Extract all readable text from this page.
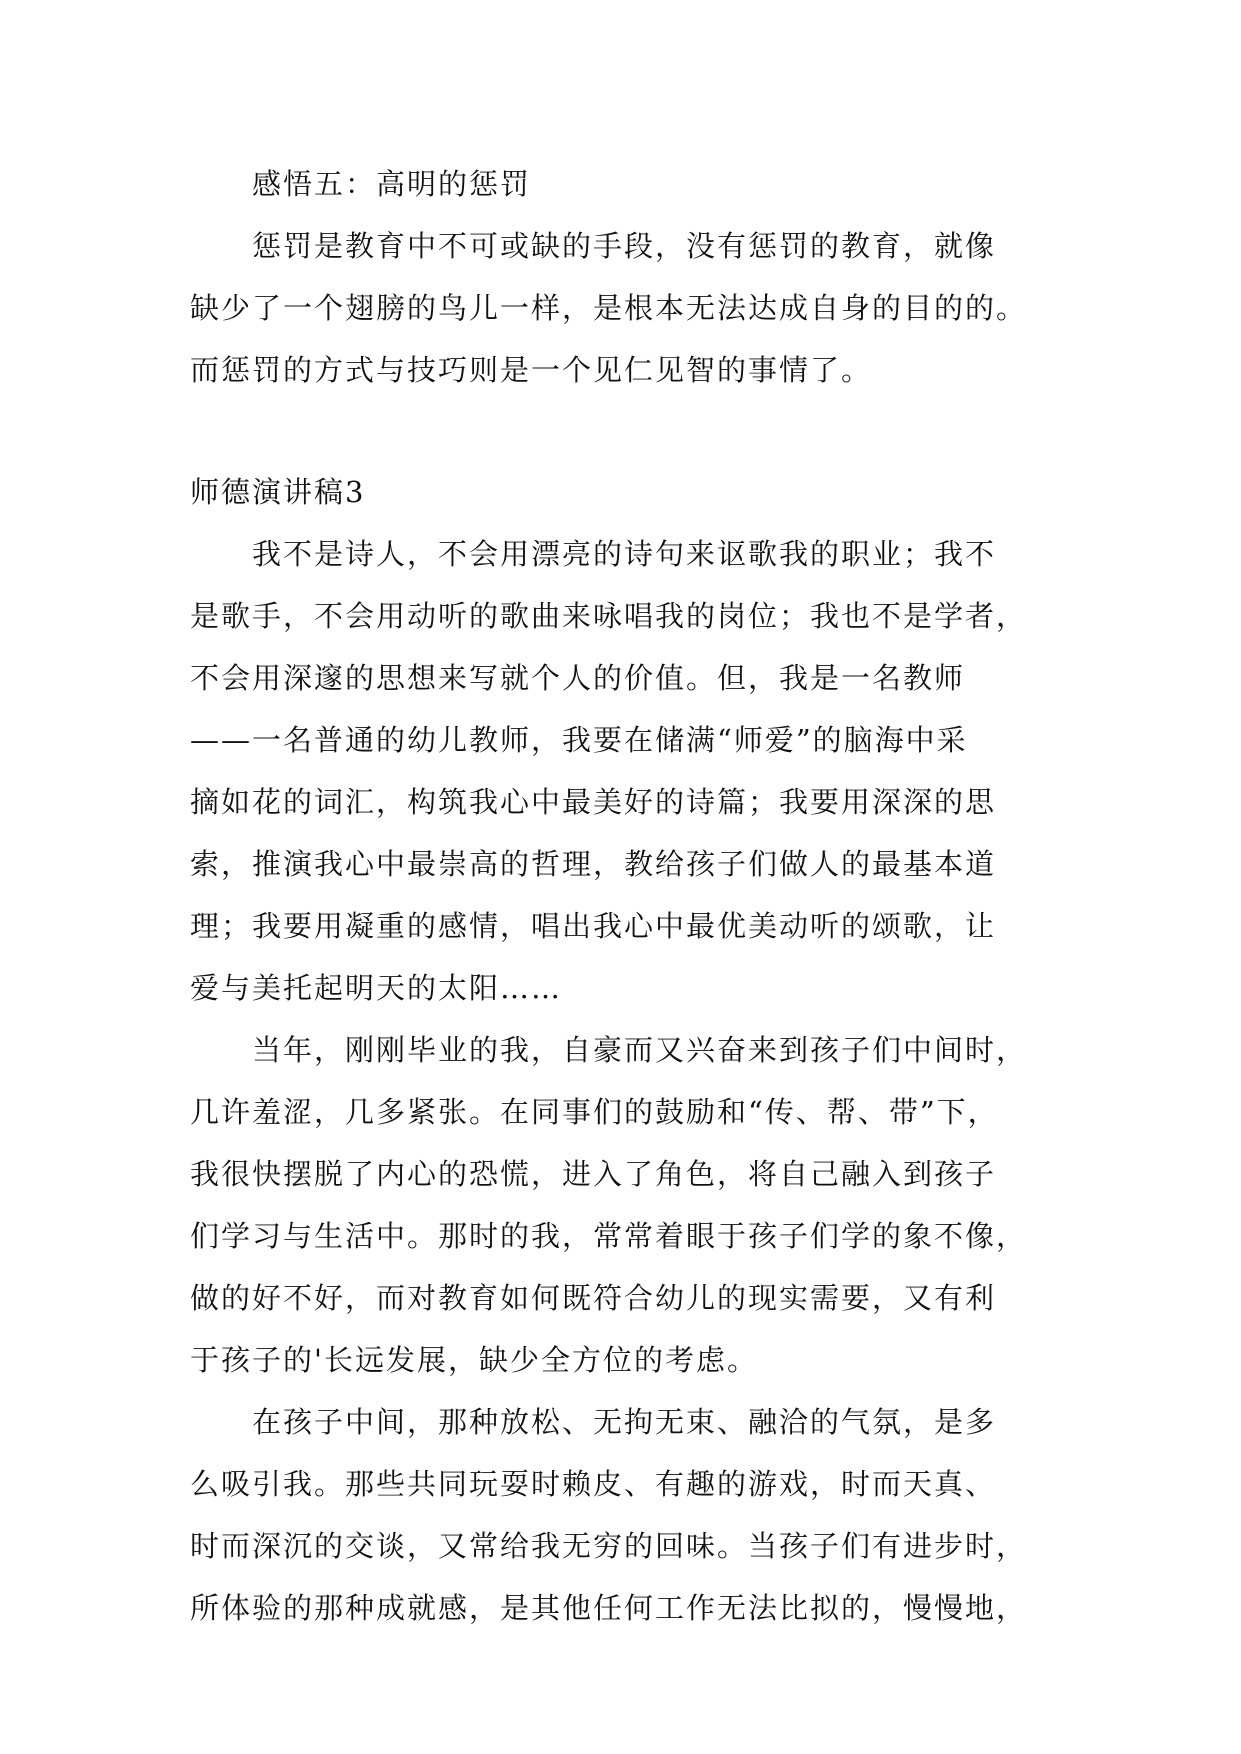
感悟五：高明的惩罚
惩罚是教育中不可或缺的手段，没有惩罚的教育，就像
缺少了一个翅膀的鸟儿一样，是根本无法达成自身的目的的。
而惩罚的方式与技巧则是一个见仁见智的事情了。
师德演讲稿3
我不是诗人，不会用漂亮的诗句来讴歌我的职业；我不
是歌手，不会用动听的歌曲来咏唱我的岗位；我也不是学者，
不会用深邃的思想来写就个人的价值。但，我是一名教师
——一名普通的幼儿教师，我要在储满“师爱”的脑海中采
摘如花的词汇，构筑我心中最美好的诗篇；我要用深深的思
索，推演我心中最崇高的哲理，教给孩子们做人的最基本道
理；我要用凝重的感情，唱出我心中最优美动听的颂歌，让
爱与美托起明天的太阳……
当年，刚刚毕业的我，自豪而又兴奋来到孩子们中间时，
几许羞涩，几多紧张。在同事们的鼓励和“传、帮、带”下，
我很快摆脱了内心的恐慌，进入了角色，将自己融入到孩子
们学习与生活中。那时的我，常常着眼于孩子们学的象不像，
做的好不好，而对教育如何既符合幼儿的现实需要，又有利
于孩子的'长远发展，缺少全方位的考虑。
在孩子中间，那种放松、无拘无束、融洽的气氛，是多
么吸引我。那些共同玩耍时赖皮、有趣的游戏，时而天真、
时而深沉的交谈，又常给我无穷的回味。当孩子们有进步时，
所体验的那种成就感，是其他任何工作无法比拟的，慢慢地，
